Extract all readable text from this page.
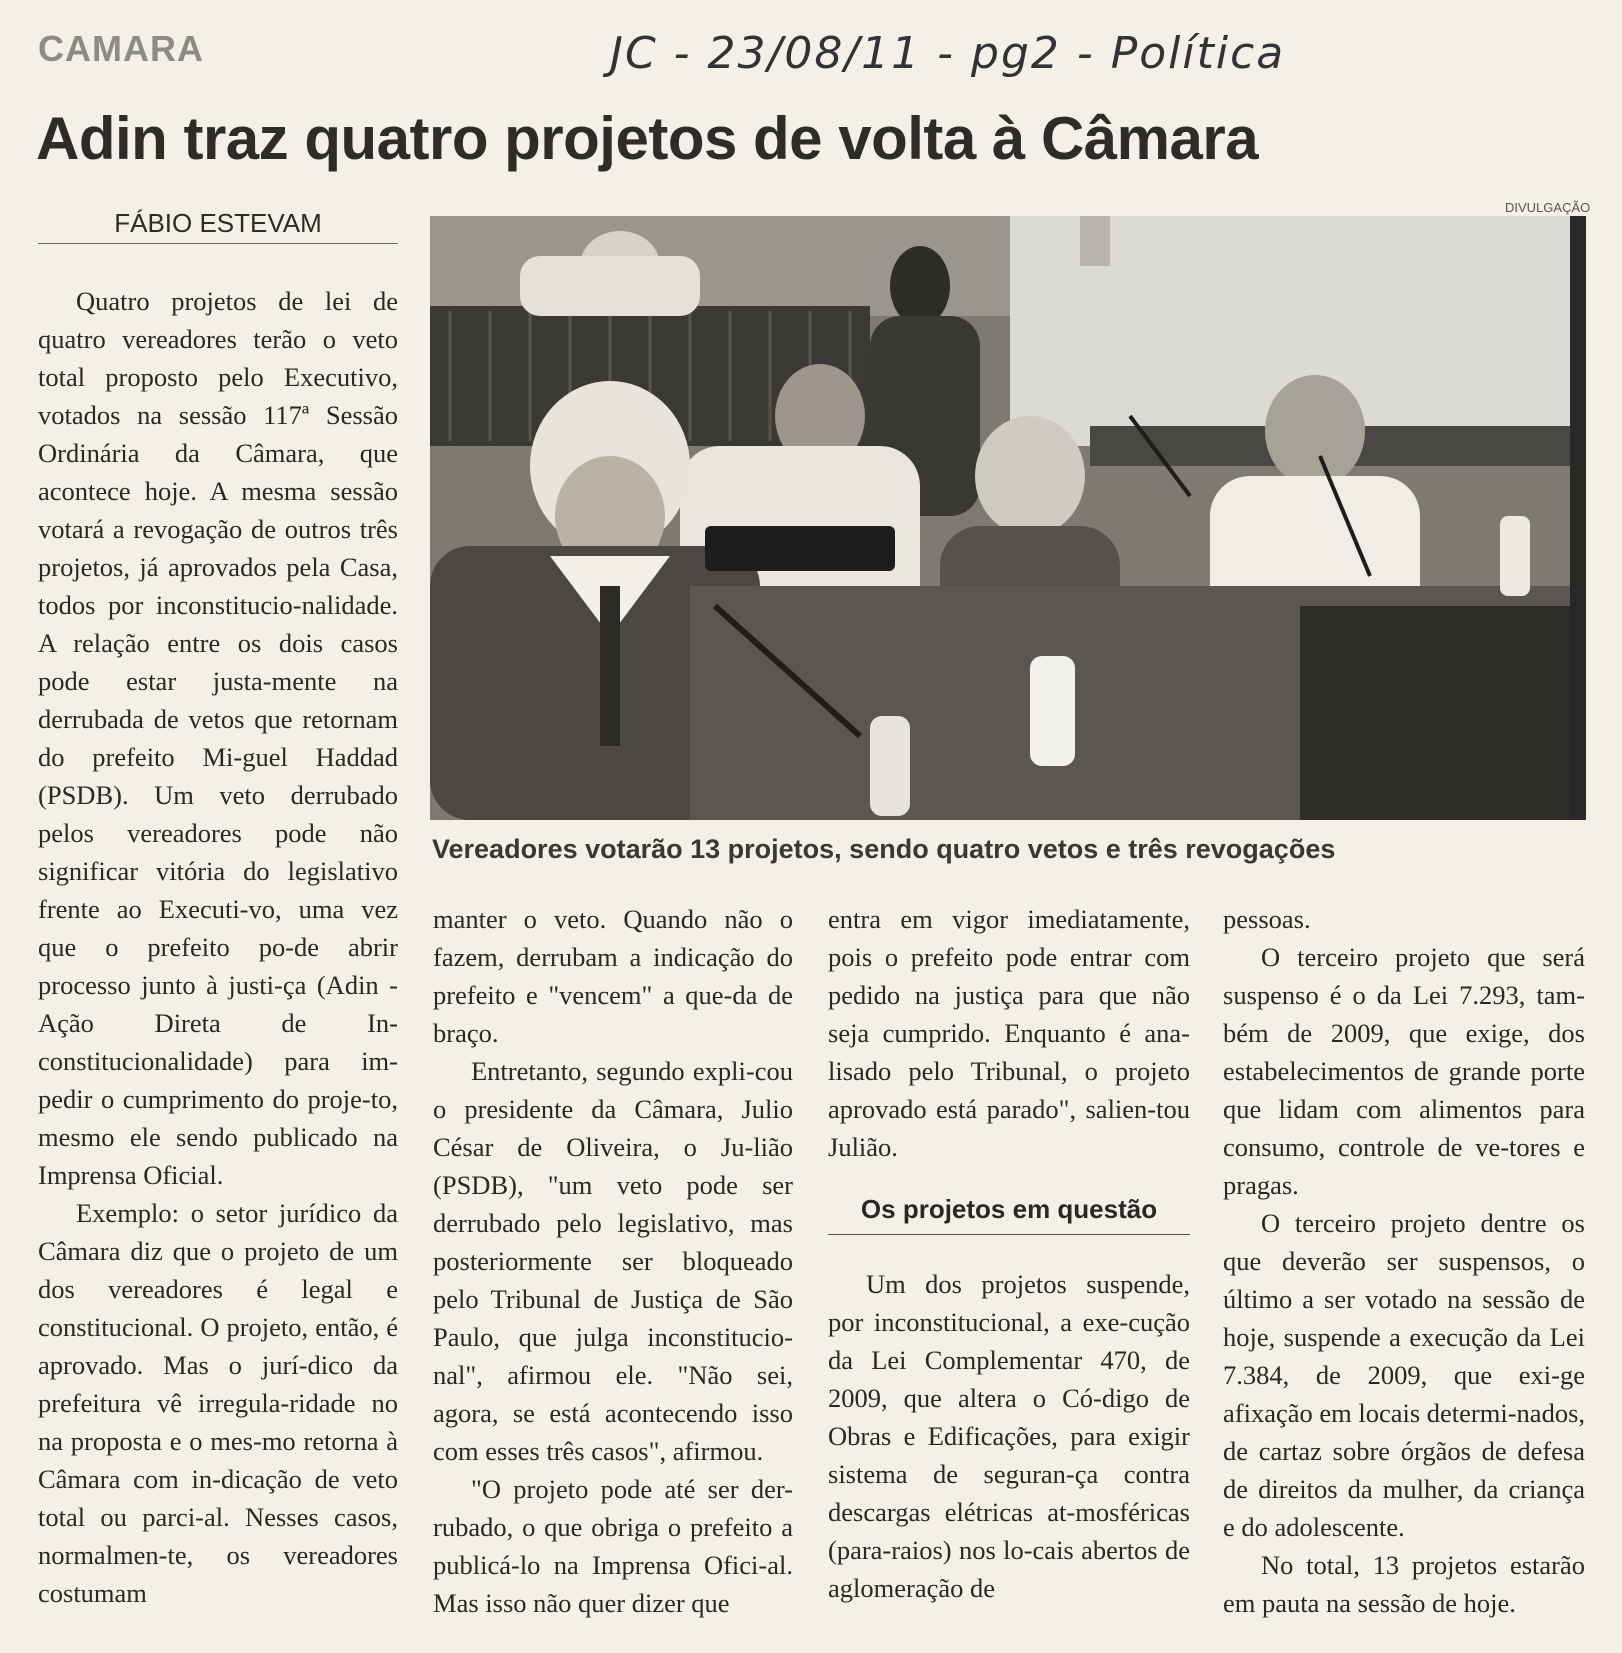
CAMARA	JC - 23/08/11 - pg2 - Política
Adin traz quatro projetos de volta à Câmara
FÁBIO ESTEVAM
DIVULGAÇÃO
Vereadores votarão 13 projetos, sendo quatro vetos e três revogações

Quatro projetos de lei de quatro vereadores terão o veto total proposto pelo Executivo, votados na sessão 117ª Sessão Ordinária da Câmara, que acontece hoje. A mesma sessão votará a revogação de outros três projetos, já aprovados pela Casa, todos por inconstitucio-nalidade. A relação entre os dois casos pode estar justa-mente na derrubada de vetos que retornam do prefeito Mi-guel Haddad (PSDB). Um veto derrubado pelos vereadores pode não significar vitória do legislativo frente ao Executi-vo, uma vez que o prefeito po-de abrir processo junto à justi-ça (Adin - Ação Direta de In-constitucionalidade) para im-pedir o cumprimento do proje-to, mesmo ele sendo publicado na Imprensa Oficial.

Exemplo: o setor jurídico da Câmara diz que o projeto de um dos vereadores é legal e constitucional. O projeto, então, é aprovado. Mas o jurí-dico da prefeitura vê irregula-ridade no na proposta e o mes-mo retorna à Câmara com in-dicação de veto total ou parci-al. Nesses casos, normalmen-te, os vereadores costumam

manter o veto. Quando não o fazem, derrubam a indicação do prefeito e "vencem" a que-da de braço.

Entretanto, segundo expli-cou o presidente da Câmara, Julio César de Oliveira, o Ju-lião (PSDB), "um veto pode ser derrubado pelo legislativo, mas posteriormente ser bloqueado pelo Tribunal de Justiça de São Paulo, que julga inconstitucio-nal", afirmou ele. "Não sei, agora, se está acontecendo isso com esses três casos", afirmou.

"O projeto pode até ser der-rubado, o que obriga o prefeito a publicá-lo na Imprensa Ofici-al. Mas isso não quer dizer que

entra em vigor imediatamente, pois o prefeito pode entrar com pedido na justiça para que não seja cumprido. Enquanto é ana-lisado pelo Tribunal, o projeto aprovado está parado", salien-tou Julião.

Os projetos em questão

Um dos projetos suspende, por inconstitucional, a exe-cução da Lei Complementar 470, de 2009, que altera o Có-digo de Obras e Edificações, para exigir sistema de seguran-ça contra descargas elétricas at-mosféricas (para-raios) nos lo-cais abertos de aglomeração de

pessoas.

O terceiro projeto que será suspenso é o da Lei 7.293, tam-bém de 2009, que exige, dos estabelecimentos de grande porte que lidam com alimentos para consumo, controle de ve-tores e pragas.

O terceiro projeto dentre os que deverão ser suspensos, o último a ser votado na sessão de hoje, suspende a execução da Lei 7.384, de 2009, que exi-ge afixação em locais determi-nados, de cartaz sobre órgãos de defesa de direitos da mulher, da criança e do adolescente.

No total, 13 projetos estarão em pauta na sessão de hoje.
